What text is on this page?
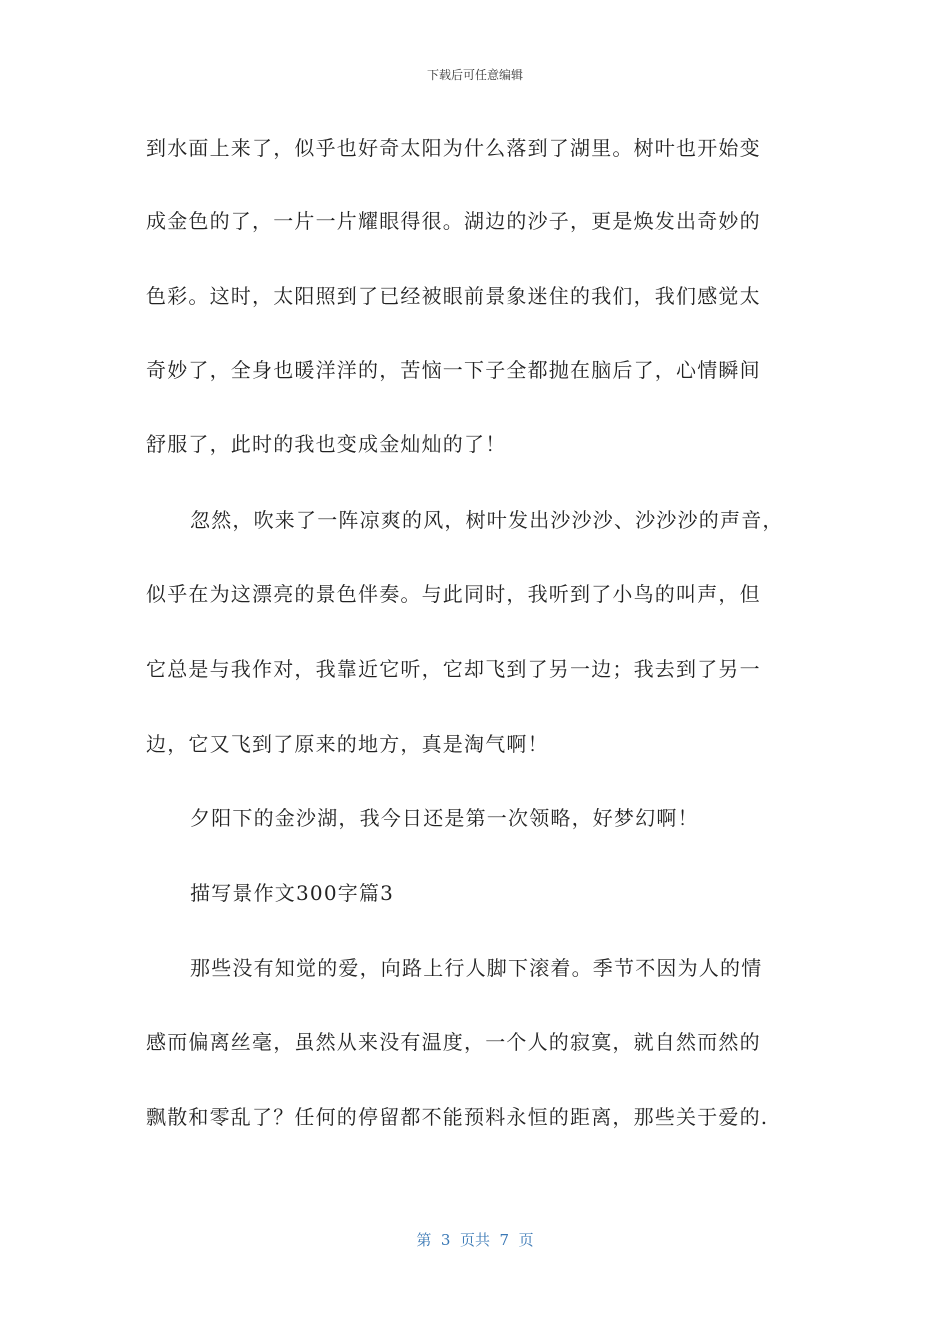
下载后可任意编辑
到水面上来了，似乎也好奇太阳为什么落到了湖里。树叶也开始变
成金色的了，一片一片耀眼得很。湖边的沙子，更是焕发出奇妙的
色彩。这时，太阳照到了已经被眼前景象迷住的我们，我们感觉太
奇妙了，全身也暖洋洋的，苦恼一下子全都抛在脑后了，心情瞬间
舒服了，此时的我也变成金灿灿的了！
忽然，吹来了一阵凉爽的风，树叶发出沙沙沙、沙沙沙的声音，
似乎在为这漂亮的景色伴奏。与此同时，我听到了小鸟的叫声，但
它总是与我作对，我靠近它听，它却飞到了另一边；我去到了另一
边，它又飞到了原来的地方，真是淘气啊！
夕阳下的金沙湖，我今日还是第一次领略，好梦幻啊！
描写景作文300字篇3
那些没有知觉的爱，向路上行人脚下滚着。季节不因为人的情
感而偏离丝毫，虽然从来没有温度，一个人的寂寞，就自然而然的
飘散和零乱了？任何的停留都不能预料永恒的距离，那些关于爱的.
第  3  页共  7  页
